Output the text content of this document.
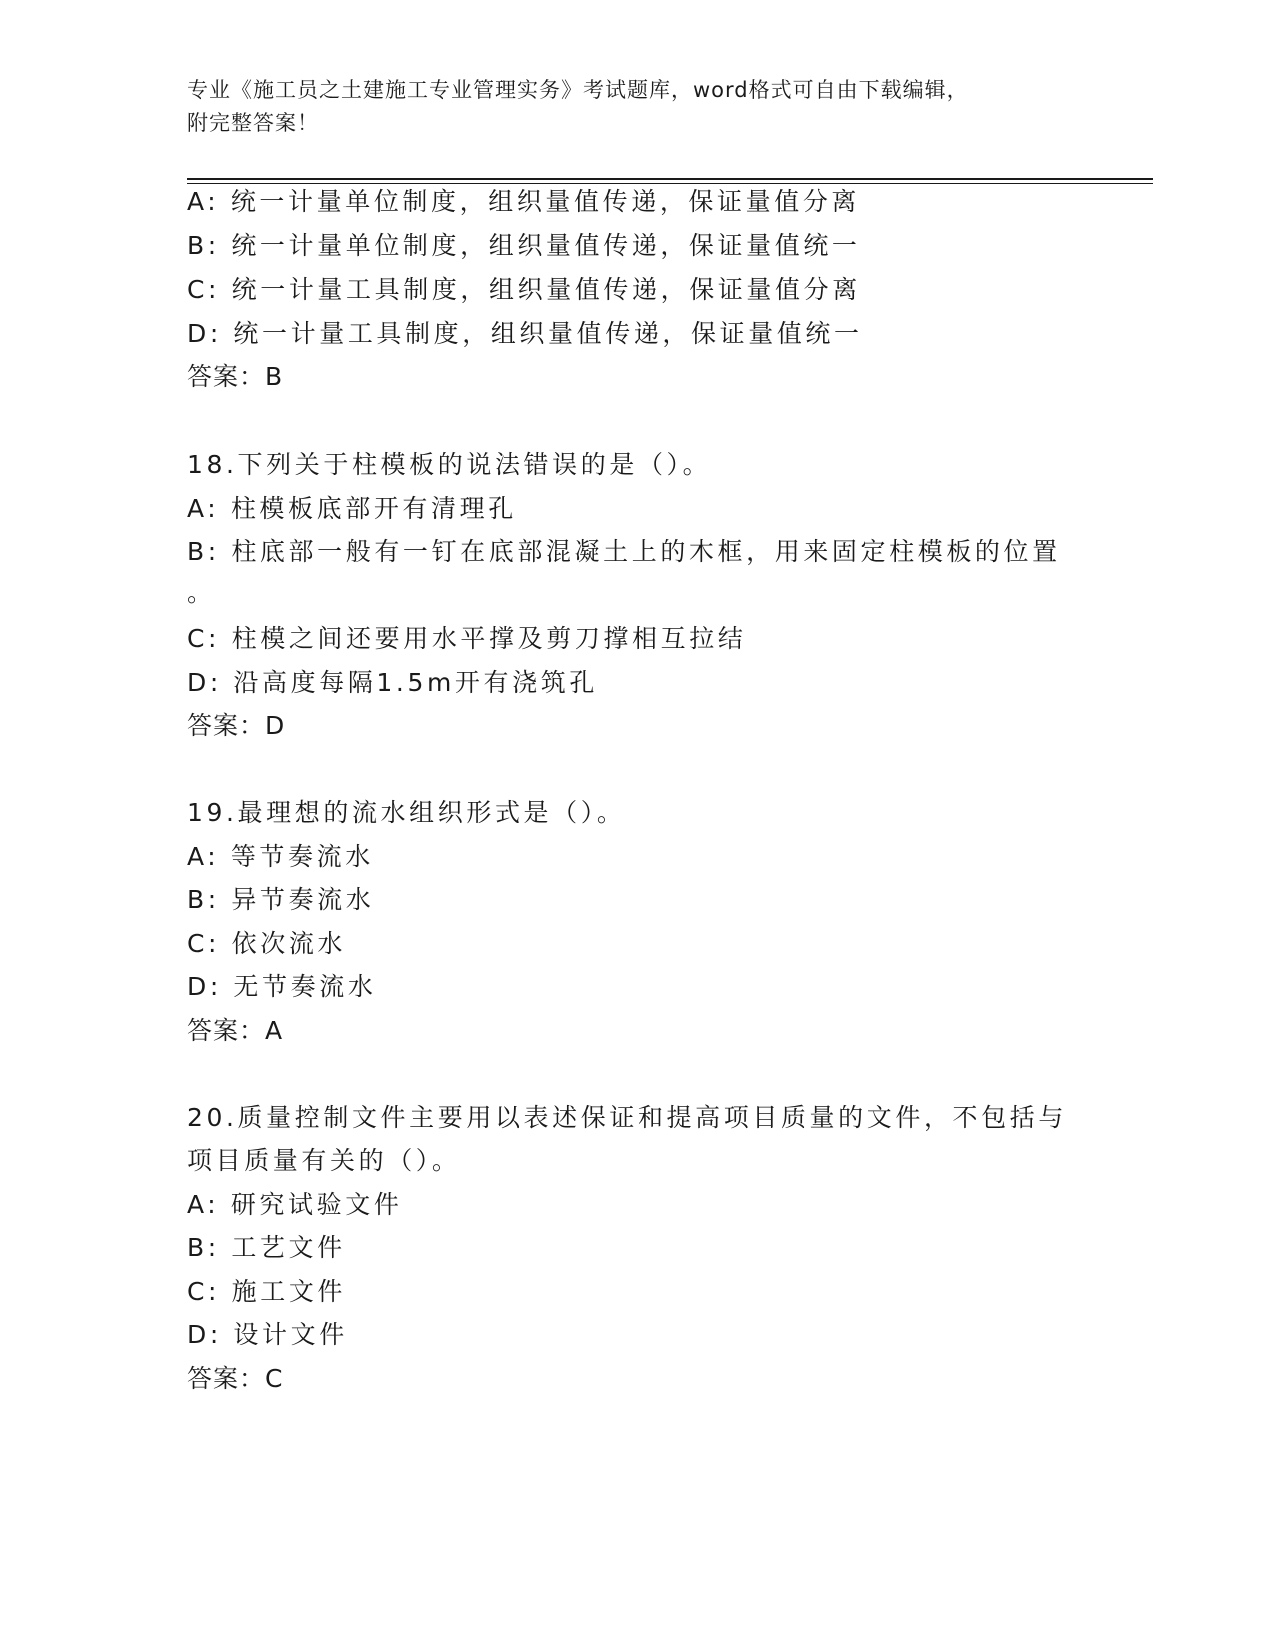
专业《施工员之土建施工专业管理实务》考试题库，word格式可自由下载编辑，
附完整答案！
A: 统一计量单位制度，组织量值传递，保证量值分离
B: 统一计量单位制度，组织量值传递，保证量值统一
C: 统一计量工具制度，组织量值传递，保证量值分离
D: 统一计量工具制度，组织量值传递，保证量值统一
答案：B
18.下列关于柱模板的说法错误的是（）。
A: 柱模板底部开有清理孔
B: 柱底部一般有一钉在底部混凝土上的木框，用来固定柱模板的位置
。
C: 柱模之间还要用水平撑及剪刀撑相互拉结
D: 沿高度每隔1.5m开有浇筑孔
答案：D
19.最理想的流水组织形式是（）。
A: 等节奏流水
B: 异节奏流水
C: 依次流水
D: 无节奏流水
答案：A
20.质量控制文件主要用以表述保证和提高项目质量的文件，不包括与
项目质量有关的（）。
A: 研究试验文件
B: 工艺文件
C: 施工文件
D: 设计文件
答案：C
